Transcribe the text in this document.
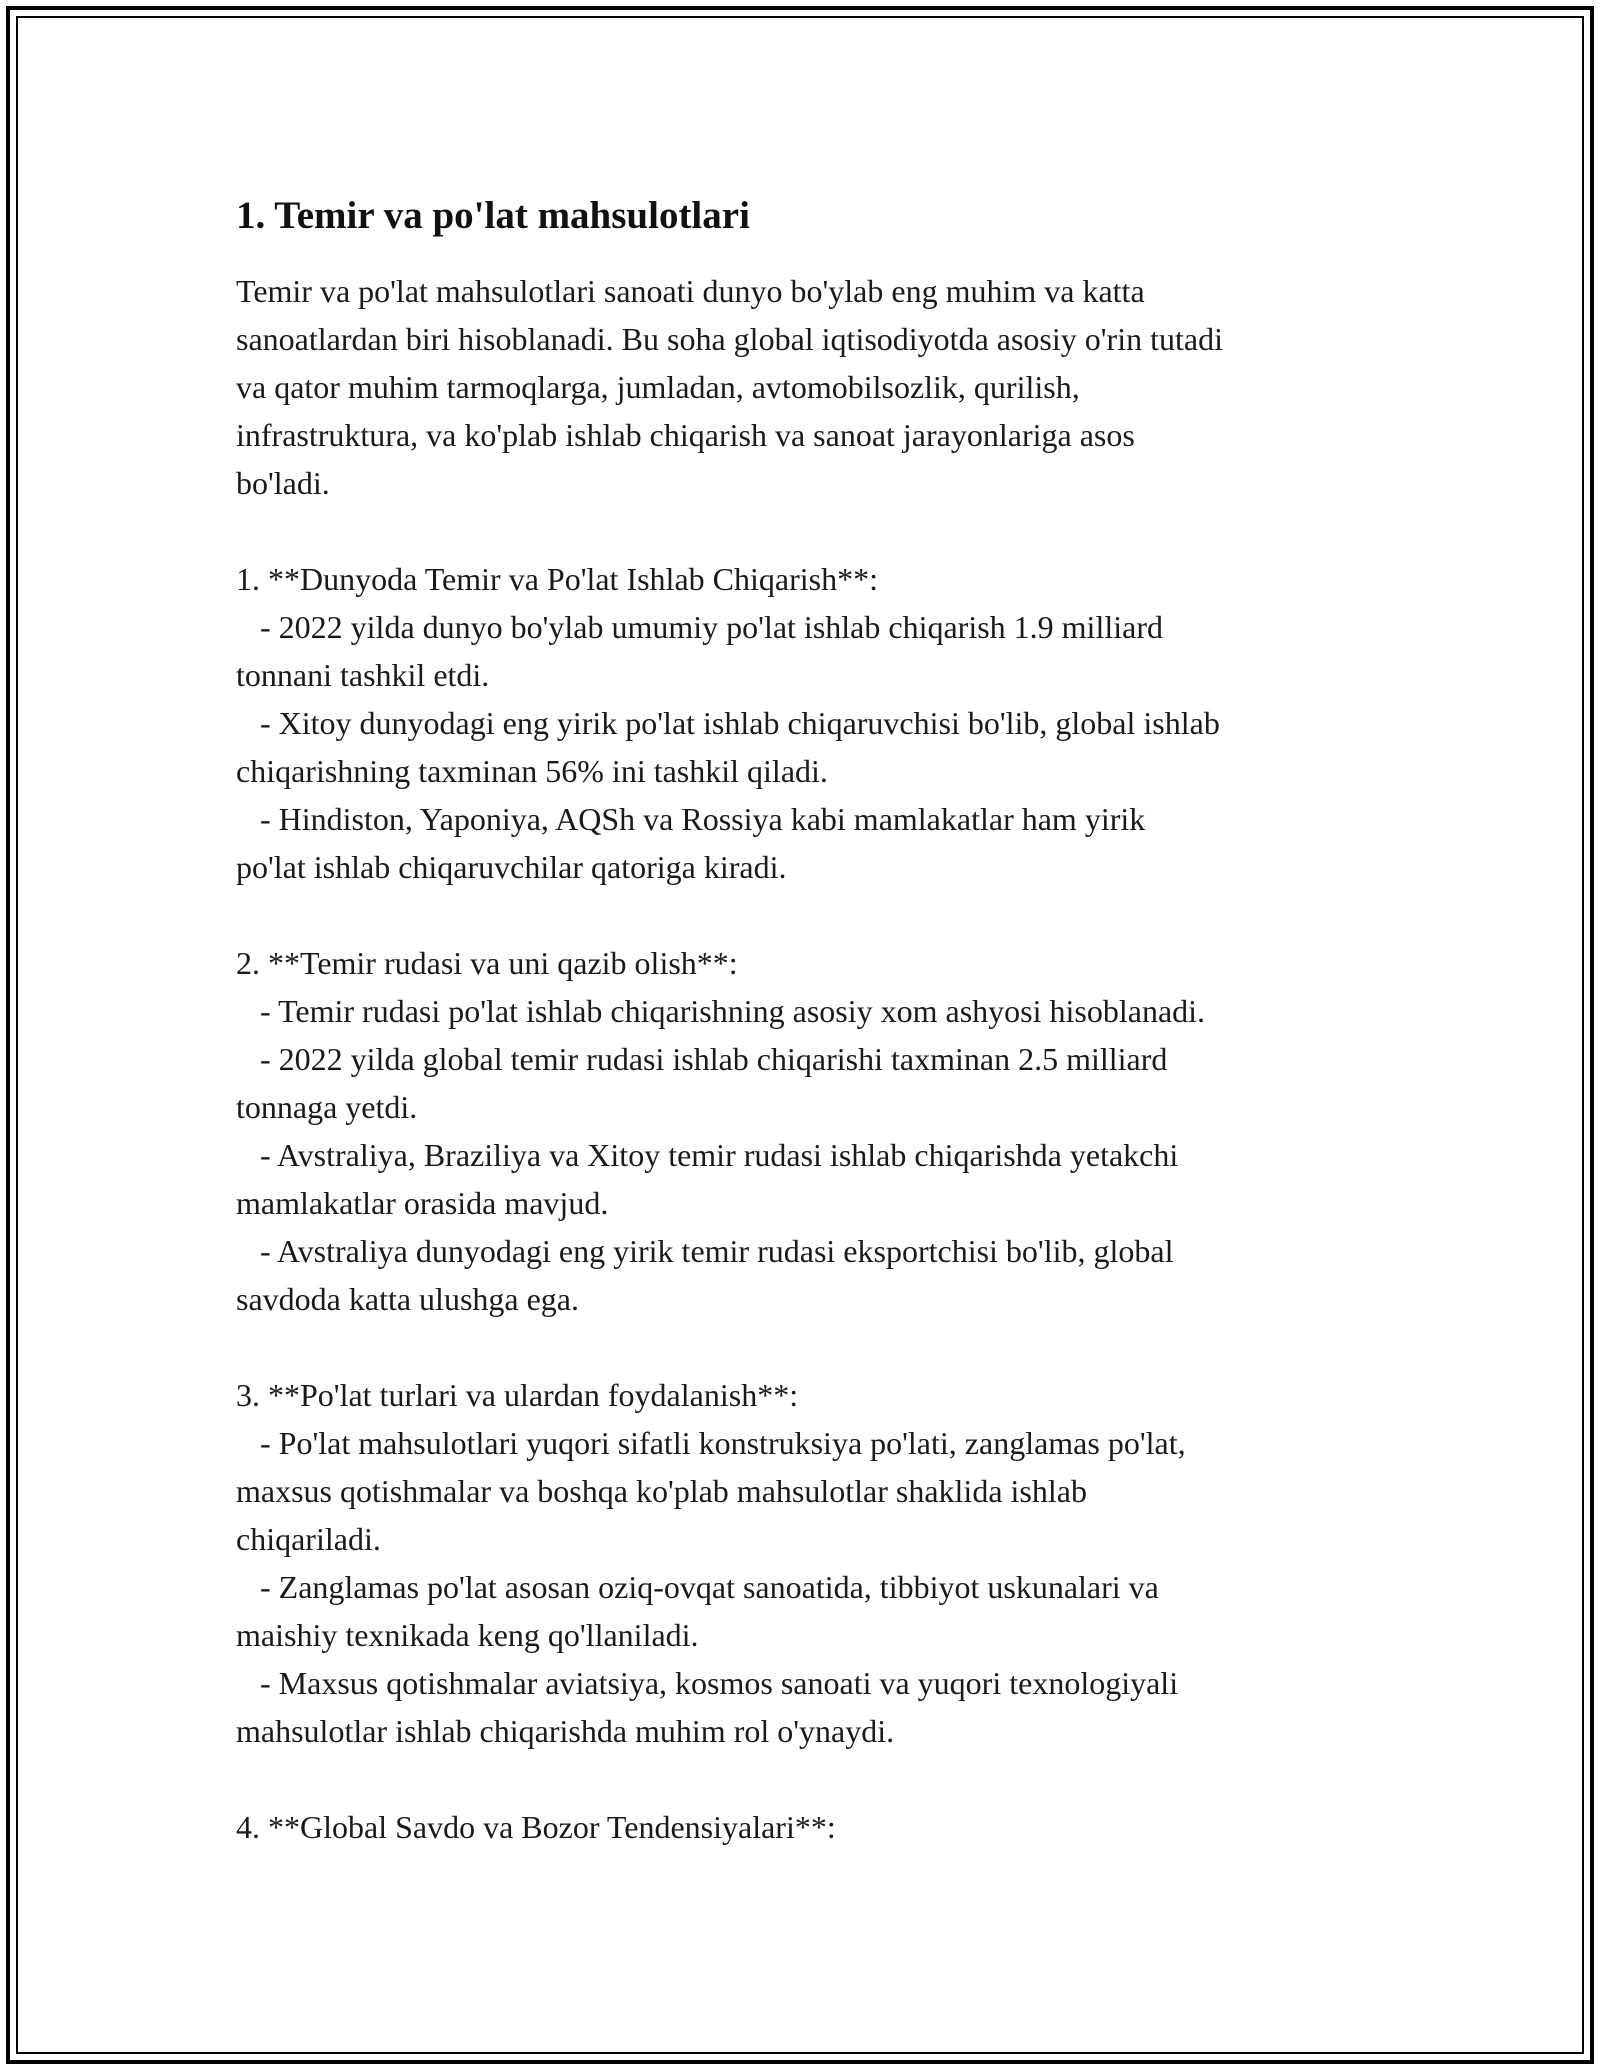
1. Temir va po'lat mahsulotlari

Temir va po'lat mahsulotlari sanoati dunyo bo'ylab eng muhim va katta
sanoatlardan biri hisoblanadi. Bu soha global iqtisodiyotda asosiy o'rin tutadi
va qator muhim tarmoqlarga, jumladan, avtomobilsozlik, qurilish,
infrastruktura, va ko'plab ishlab chiqarish va sanoat jarayonlariga asos
bo'ladi.

1. **Dunyoda Temir va Po'lat Ishlab Chiqarish**:
- 2022 yilda dunyo bo'ylab umumiy po'lat ishlab chiqarish 1.9 milliard
tonnani tashkil etdi.
- Xitoy dunyodagi eng yirik po'lat ishlab chiqaruvchisi bo'lib, global ishlab
chiqarishning taxminan 56% ini tashkil qiladi.
- Hindiston, Yaponiya, AQSh va Rossiya kabi mamlakatlar ham yirik
po'lat ishlab chiqaruvchilar qatoriga kiradi.
2. **Temir rudasi va uni qazib olish**:
- Temir rudasi po'lat ishlab chiqarishning asosiy xom ashyosi hisoblanadi.
- 2022 yilda global temir rudasi ishlab chiqarishi taxminan 2.5 milliard
tonnaga yetdi.
- Avstraliya, Braziliya va Xitoy temir rudasi ishlab chiqarishda yetakchi
mamlakatlar orasida mavjud.
- Avstraliya dunyodagi eng yirik temir rudasi eksportchisi bo'lib, global
savdoda katta ulushga ega.
3. **Po'lat turlari va ulardan foydalanish**:
- Po'lat mahsulotlari yuqori sifatli konstruksiya po'lati, zanglamas po'lat,
maxsus qotishmalar va boshqa ko'plab mahsulotlar shaklida ishlab
chiqariladi.
- Zanglamas po'lat asosan oziq-ovqat sanoatida, tibbiyot uskunalari va
maishiy texnikada keng qo'llaniladi.
- Maxsus qotishmalar aviatsiya, kosmos sanoati va yuqori texnologiyali
mahsulotlar ishlab chiqarishda muhim rol o'ynaydi.
4. **Global Savdo va Bozor Tendensiyalari**:
